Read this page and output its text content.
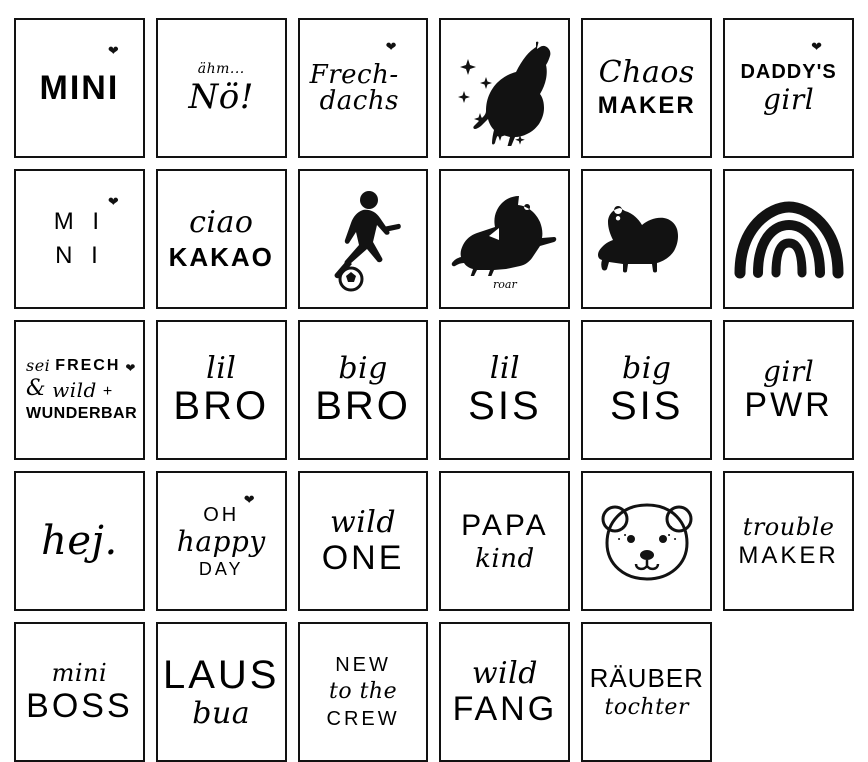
❤
MINI	ähm...
Nö!
❤
Frech-
dachs
Chaos
MAKER
❤
DADDY'S
girl
❤
M I
N I
ciao
KAKAO
roar
sei FRECH ❤
& wild +
WUNDERBAR
lil
BRO
big
BRO
lil
SIS
big
SIS
girl
PWR
hej.
❤
OH
happy
DAY
wild
ONE
PAPA
kind
trouble
MAKER
mini
BOSS
LAUS
bua
NEW
to the
CREW
wild
FANG
RÄUBER
tochter
